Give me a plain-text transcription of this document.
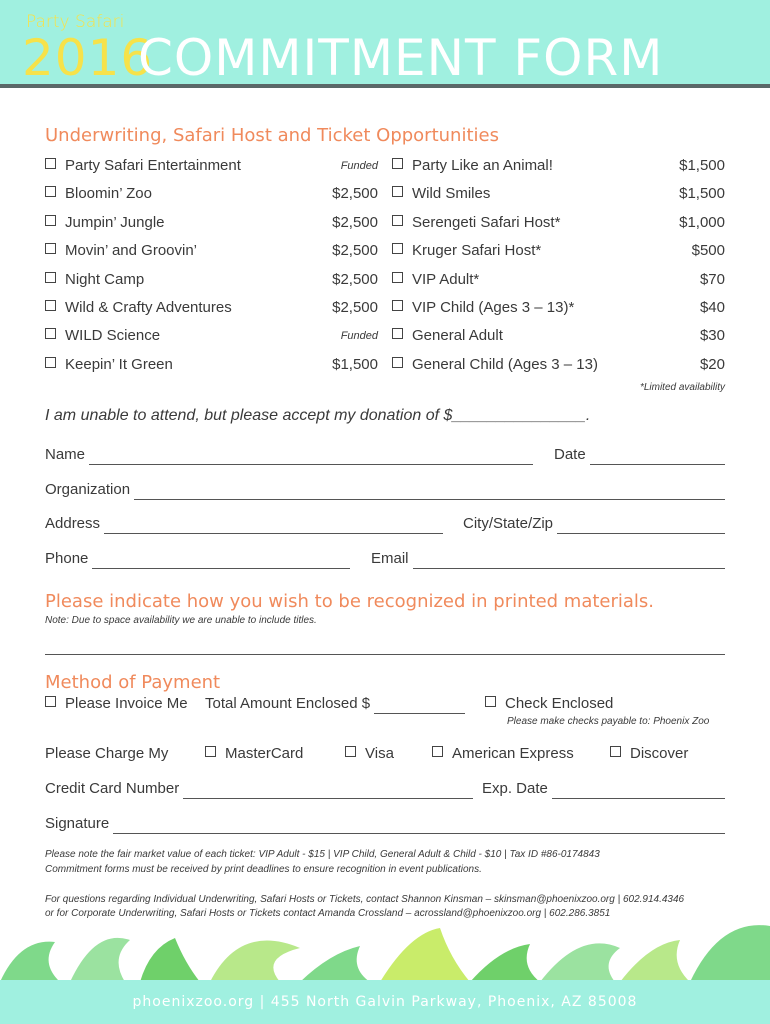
Party Safari
2016
COMMITMENT FORM
Underwriting, Safari Host and Ticket Opportunities
Party Safari Entertainment	Funded
Bloomin’ Zoo	$2,500
Jumpin’ Jungle	$2,500
Movin’ and Groovin’	$2,500
Night Camp	$2,500
Wild & Crafty Adventures	$2,500
WILD Science	Funded
Keepin’ It Green	$1,500
Party Like an Animal!	$1,500
Wild Smiles	$1,500
Serengeti Safari Host*	$1,000
Kruger Safari Host*	$500
VIP Adult*	$70
VIP Child (Ages 3 – 13)*	$40
General Adult	$30
General Child (Ages 3 – 13)	$20
*Limited availability
I am unable to attend, but please accept my donation of $_______________.
Name	Date
Organization
Address	City/State/Zip
Phone	Email
Please indicate how you wish to be recognized in printed materials.
Note: Due to space availability we are unable to include titles.
Method of Payment
Please Invoice Me Total Amount Enclosed $	Check Enclosed
Please make checks payable to: Phoenix Zoo
Please Charge My	MasterCard	Visa	American Express	Discover
Credit Card Number	Exp. Date
Signature
Please note the fair market value of each ticket: VIP Adult - $15 | VIP Child, General Adult & Child - $10 | Tax ID #86-0174843
Commitment forms must be received by print deadlines to ensure recognition in event publications.
For questions regarding Individual Underwriting, Safari Hosts or Tickets, contact Shannon Kinsman – skinsman@phoenixzoo.org | 602.914.4346
or for Corporate Underwriting, Safari Hosts or Tickets contact Amanda Crossland – acrossland@phoenixzoo.org | 602.286.3851
phoenixzoo.org | 455 North Galvin Parkway, Phoenix, AZ 85008
